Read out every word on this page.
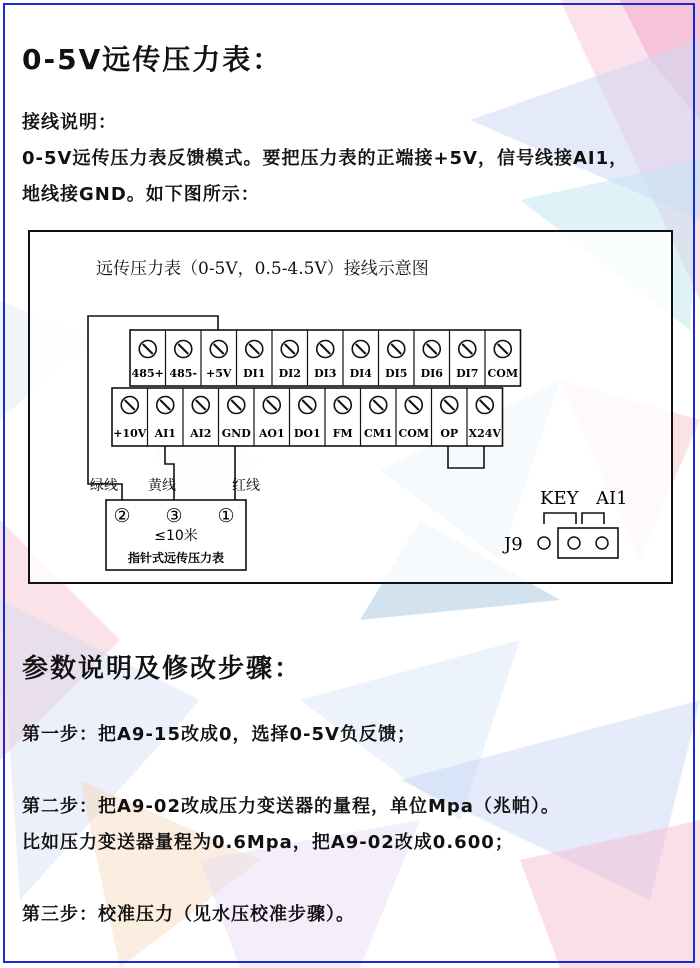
0-5V远传压力表：
接线说明：
0-5V远传压力表反馈模式。要把压力表的正端接+5V，信号线接AI1，
地线接GND。如下图所示：
远传压力表（0-5V，0.5-4.5V）接线示意图
485+ 485- +5V DI1 DI2 DI3 DI4 DI5 DI6 DI7 COM
+10V AI1 AI2 GND AO1 DO1 FM CM1 COM OP X24V
绿线 黄线	红线
② ③ ①
≤10米
指针式远传压力表
KEY AI1
J9
参数说明及修改步骤：
第一步：把A9-15改成0，选择0-5V负反馈；
第二步：把A9-02改成压力变送器的量程，单位Mpa（兆帕）。
比如压力变送器量程为0.6Mpa，把A9-02改成0.600；
第三步：校准压力（见水压校准步骤）。
